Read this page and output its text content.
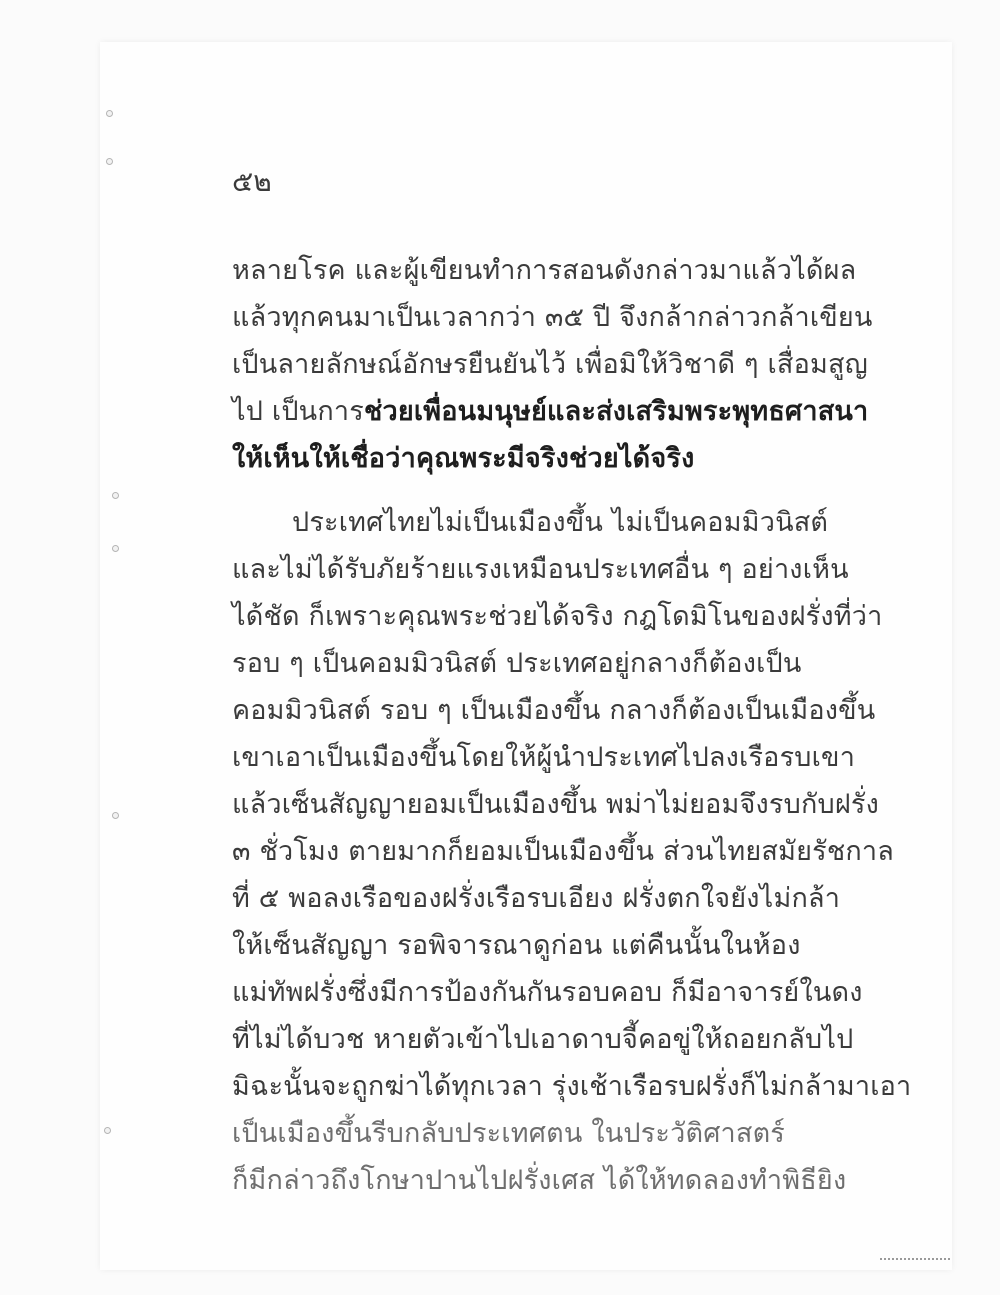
๕๒

หลายโรค และผู้เขียนทำการสอนดังกล่าวมาแล้วได้ผล

แล้วทุกคนมาเป็นเวลากว่า ๓๕ ปี จึงกล้ากล่าวกล้าเขียน

เป็นลายลักษณ์อักษรยืนยันไว้ เพื่อมิให้วิชาดี ๆ เสื่อมสูญ

ไป เป็นการช่วยเพื่อนมนุษย์และส่งเสริมพระพุทธศาสนา

ให้เห็นให้เชื่อว่าคุณพระมีจริงช่วยได้จริง

ประเทศไทยไม่เป็นเมืองขึ้น ไม่เป็นคอมมิวนิสต์

และไม่ได้รับภัยร้ายแรงเหมือนประเทศอื่น ๆ อย่างเห็น

ได้ชัด ก็เพราะคุณพระช่วยได้จริง กฎโดมิโนของฝรั่งที่ว่า

รอบ ๆ เป็นคอมมิวนิสต์ ประเทศอยู่กลางก็ต้องเป็น

คอมมิวนิสต์ รอบ ๆ เป็นเมืองขึ้น กลางก็ต้องเป็นเมืองขึ้น

เขาเอาเป็นเมืองขึ้นโดยให้ผู้นำประเทศไปลงเรือรบเขา

แล้วเซ็นสัญญายอมเป็นเมืองขึ้น พม่าไม่ยอมจึงรบกับฝรั่ง

๓ ชั่วโมง ตายมากก็ยอมเป็นเมืองขึ้น ส่วนไทยสมัยรัชกาล

ที่ ๕ พอลงเรือของฝรั่งเรือรบเอียง ฝรั่งตกใจยังไม่กล้า

ให้เซ็นสัญญา รอพิจารณาดูก่อน แต่คืนนั้นในห้อง

แม่ทัพฝรั่งซึ่งมีการป้องกันกันรอบคอบ ก็มีอาจารย์ในดง

ที่ไม่ได้บวช หายตัวเข้าไปเอาดาบจี้คอขู่ให้ถอยกลับไป

มิฉะนั้นจะถูกฆ่าได้ทุกเวลา รุ่งเช้าเรือรบฝรั่งก็ไม่กล้ามาเอา

เป็นเมืองขึ้นรีบกลับประเทศตน ในประวัติศาสตร์

ก็มีกล่าวถึงโกษาปานไปฝรั่งเศส ได้ให้ทดลองทำพิธียิง
